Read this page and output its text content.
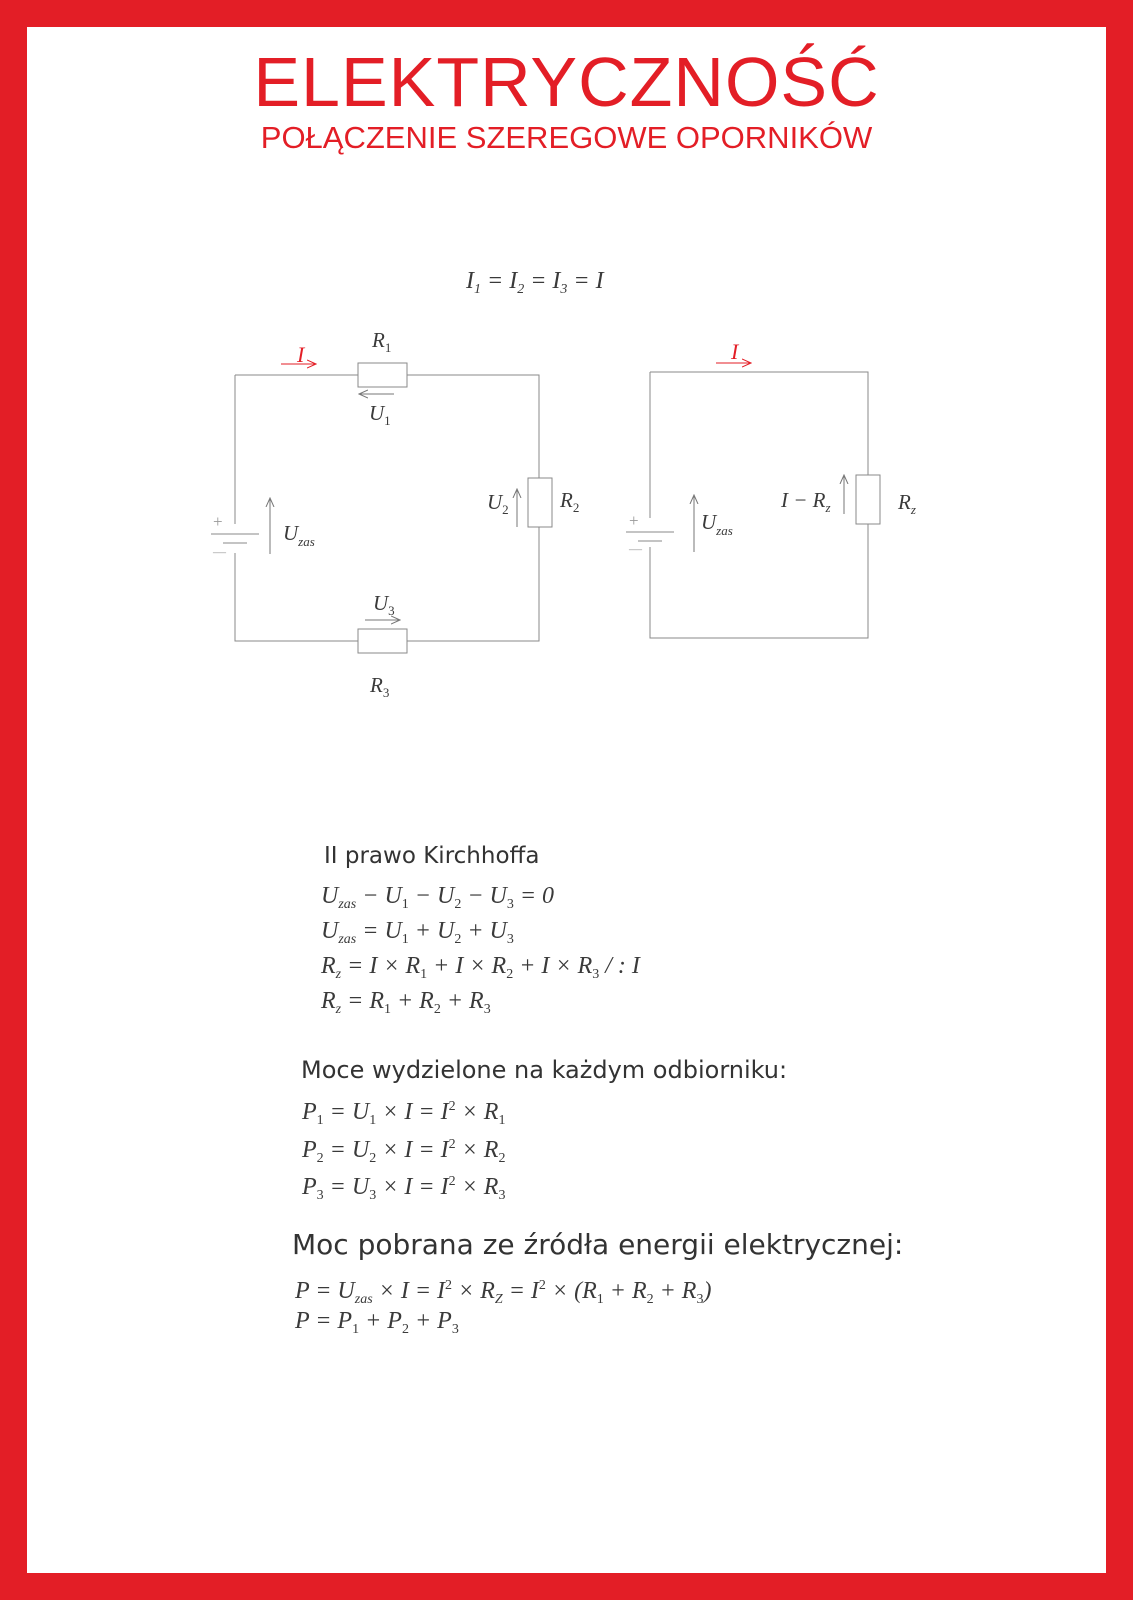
ELEKTRYCZNOŚĆ
POŁĄCZENIE SZEREGOWE OPORNIKÓW
$I_1 = I_2 = I_3 = I$
+
—
I
$R_1$
$U_1$
$U_2$ $R_2$
$U_3$
$R_3$
$U_{zas}$
+
—
I
$U_{zas}$
$I - R_z$	$R_z$
II prawo Kirchhoffa
$U_{zas} - U_1 - U_2 - U_3 = 0$
$U_{zas} = U_1 + U_2 + U_3$
$R_z = I \times R_1 + I \times R_2 + I \times R_3$ / : I
$R_z = R_1 + R_2 + R_3$
Moce wydzielone na każdym odbiorniku:
$P_1 = U_1 \times I = I^2 \times R_1$
$P_2 = U_2 \times I = I^2 \times R_2$
$P_3 = U_3 \times I = I^2 \times R_3$
Moc pobrana ze źródła energii elektrycznej:
$P = U_{zas} \times I = I^2 \times R_Z = I^2 \times (R_1 + R_2 + R_3)$
$P = P_1 + P_2 + P_3$
